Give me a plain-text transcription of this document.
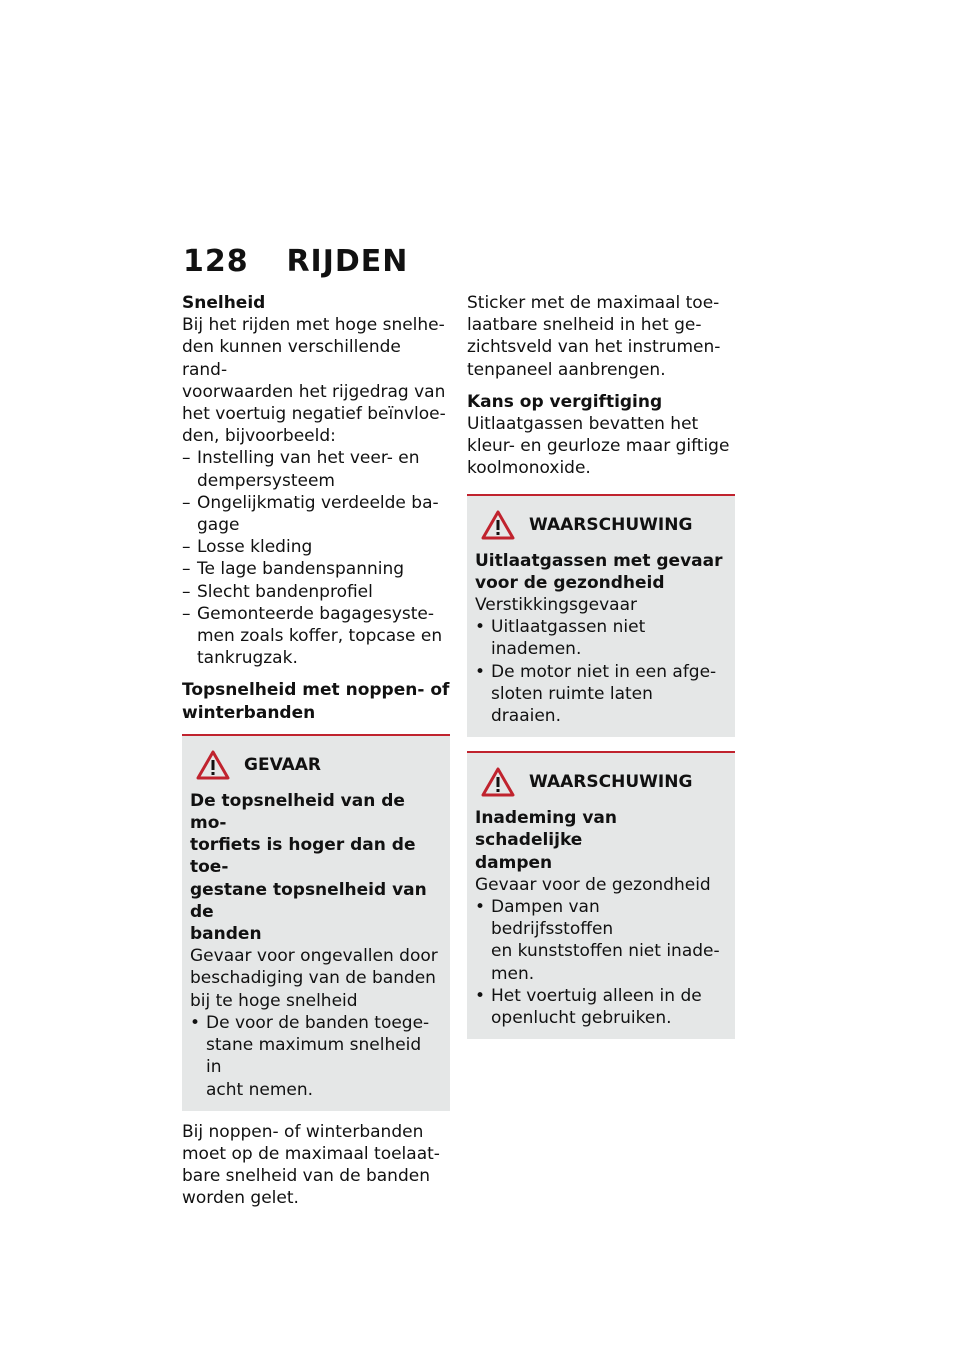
128 RIJDEN
Snelheid
Bij het rijden met hoge snelhe-
den kunnen verschillende rand-
voorwaarden het rijgedrag van
het voertuig negatief beïnvloe-
den, bijvoorbeeld:
– Instelling van het veer- en
dempersysteem
– Ongelijkmatig verdeelde ba-
gage
– Losse kleding
– Te lage bandenspanning
– Slecht bandenprofiel
– Gemonteerde bagagesyste-
men zoals koffer, topcase en
tankrugzak.
Topsnelheid met noppen- of
winterbanden
GEVAAR
De topsnelheid van de mo-
torfiets is hoger dan de toe-
gestane topsnelheid van de
banden
Gevaar voor ongevallen door
beschadiging van de banden
bij te hoge snelheid
• De voor de banden toege-
stane maximum snelheid in
acht nemen.
Bij noppen- of winterbanden
moet op de maximaal toelaat-
bare snelheid van de banden
worden gelet.
Sticker met de maximaal toe-
laatbare snelheid in het ge-
zichtsveld van het instrumen-
tenpaneel aanbrengen.
Kans op vergiftiging
Uitlaatgassen bevatten het
kleur- en geurloze maar giftige
koolmonoxide.
WAARSCHUWING
Uitlaatgassen met gevaar
voor de gezondheid
Verstikkingsgevaar
• Uitlaatgassen niet inademen.
• De motor niet in een afge-
sloten ruimte laten draaien.
WAARSCHUWING
Inademing van schadelijke
dampen
Gevaar voor de gezondheid
• Dampen van bedrijfsstoffen
en kunststoffen niet inade-
men.
• Het voertuig alleen in de
openlucht gebruiken.
